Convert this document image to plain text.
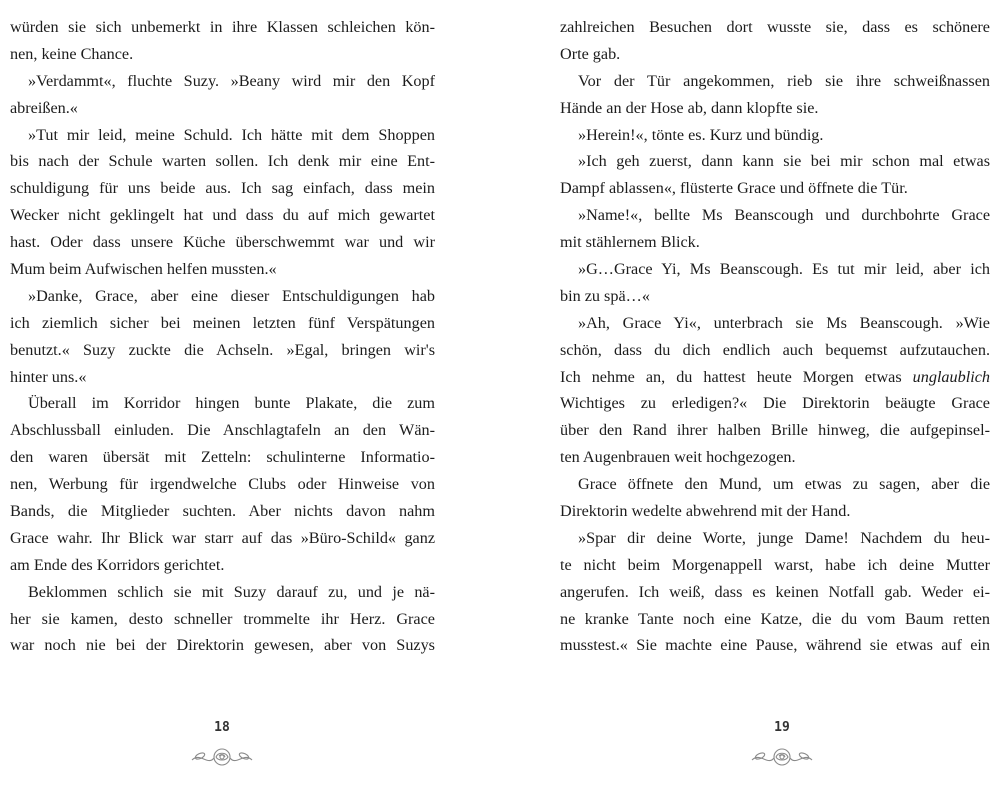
würden sie sich unbemerkt in ihre Klassen schleichen kön-
nen, keine Chance.
»Verdammt«, fluchte Suzy. »Beany wird mir den Kopf
abreißen.«
»Tut mir leid, meine Schuld. Ich hätte mit dem Shoppen
bis nach der Schule warten sollen. Ich denk mir eine Ent-
schuldigung für uns beide aus. Ich sag einfach, dass mein
Wecker nicht geklingelt hat und dass du auf mich gewartet
hast. Oder dass unsere Küche überschwemmt war und wir
Mum beim Aufwischen helfen mussten.«
»Danke, Grace, aber eine dieser Entschuldigungen hab
ich ziemlich sicher bei meinen letzten fünf Verspätungen
benutzt.« Suzy zuckte die Achseln. »Egal, bringen wir's
hinter uns.«
Überall im Korridor hingen bunte Plakate, die zum
Abschlussball einluden. Die Anschlagtafeln an den Wän-
den waren übersät mit Zetteln: schulinterne Informatio-
nen, Werbung für irgendwelche Clubs oder Hinweise von
Bands, die Mitglieder suchten. Aber nichts davon nahm
Grace wahr. Ihr Blick war starr auf das »Büro-Schild« ganz
am Ende des Korridors gerichtet.
Beklommen schlich sie mit Suzy darauf zu, und je nä-
her sie kamen, desto schneller trommelte ihr Herz. Grace
war noch nie bei der Direktorin gewesen, aber von Suzys
18
zahlreichen Besuchen dort wusste sie, dass es schönere
Orte gab.
Vor der Tür angekommen, rieb sie ihre schweißnassen
Hände an der Hose ab, dann klopfte sie.
»Herein!«, tönte es. Kurz und bündig.
»Ich geh zuerst, dann kann sie bei mir schon mal etwas
Dampf ablassen«, flüsterte Grace und öffnete die Tür.
»Name!«, bellte Ms Beanscough und durchbohrte Grace
mit stählernem Blick.
»G…Grace Yi, Ms Beanscough. Es tut mir leid, aber ich
bin zu spä…«
»Ah, Grace Yi«, unterbrach sie Ms Beanscough. »Wie
schön, dass du dich endlich auch bequemst aufzutauchen.
Ich nehme an, du hattest heute Morgen etwas unglaublich
Wichtiges zu erledigen?« Die Direktorin beäugte Grace
über den Rand ihrer halben Brille hinweg, die aufgepinsel-
ten Augenbrauen weit hochgezogen.
Grace öffnete den Mund, um etwas zu sagen, aber die
Direktorin wedelte abwehrend mit der Hand.
»Spar dir deine Worte, junge Dame! Nachdem du heu-
te nicht beim Morgenappell warst, habe ich deine Mutter
angerufen. Ich weiß, dass es keinen Notfall gab. Weder ei-
ne kranke Tante noch eine Katze, die du vom Baum retten
musstest.« Sie machte eine Pause, während sie etwas auf ein
19
